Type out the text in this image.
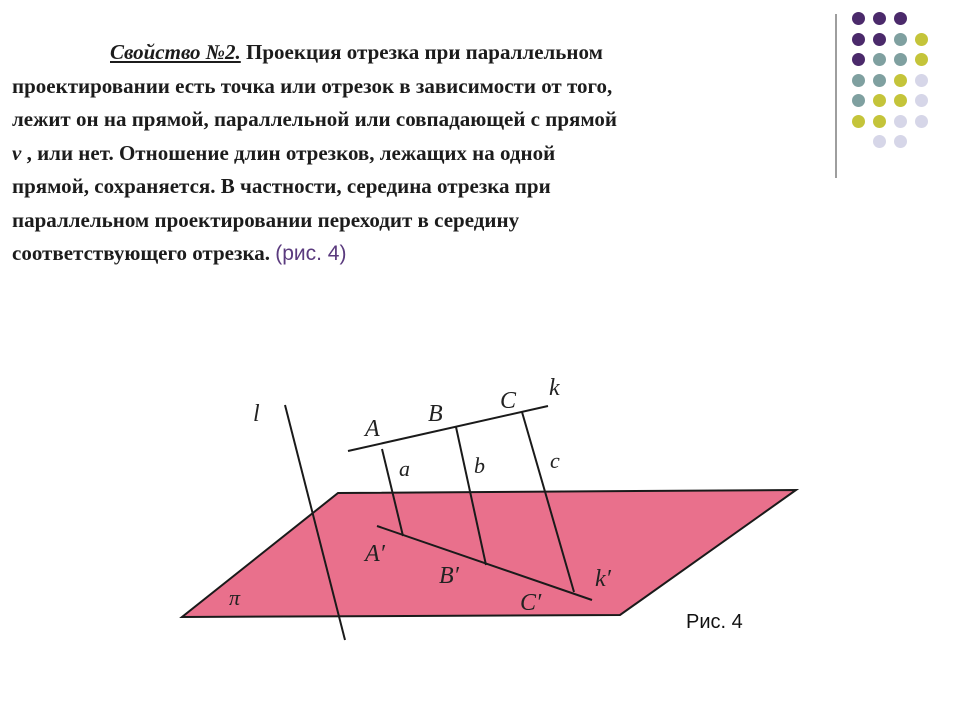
Свойство №2. Проекция отрезка при параллельном
проектировании есть точка или отрезок в зависимости от того,
лежит он на прямой, параллельной или совпадающей с прямой
v , или нет. Отношение длин отрезков, лежащих на одной
прямой, сохраняется. В частности, середина отрезка при
параллельном проектировании переходит в середину
соответствующего отрезка. (рис. 4)
l
A
B C k
a	b	c
A′
B′
C′
k′
π
Рис. 4
